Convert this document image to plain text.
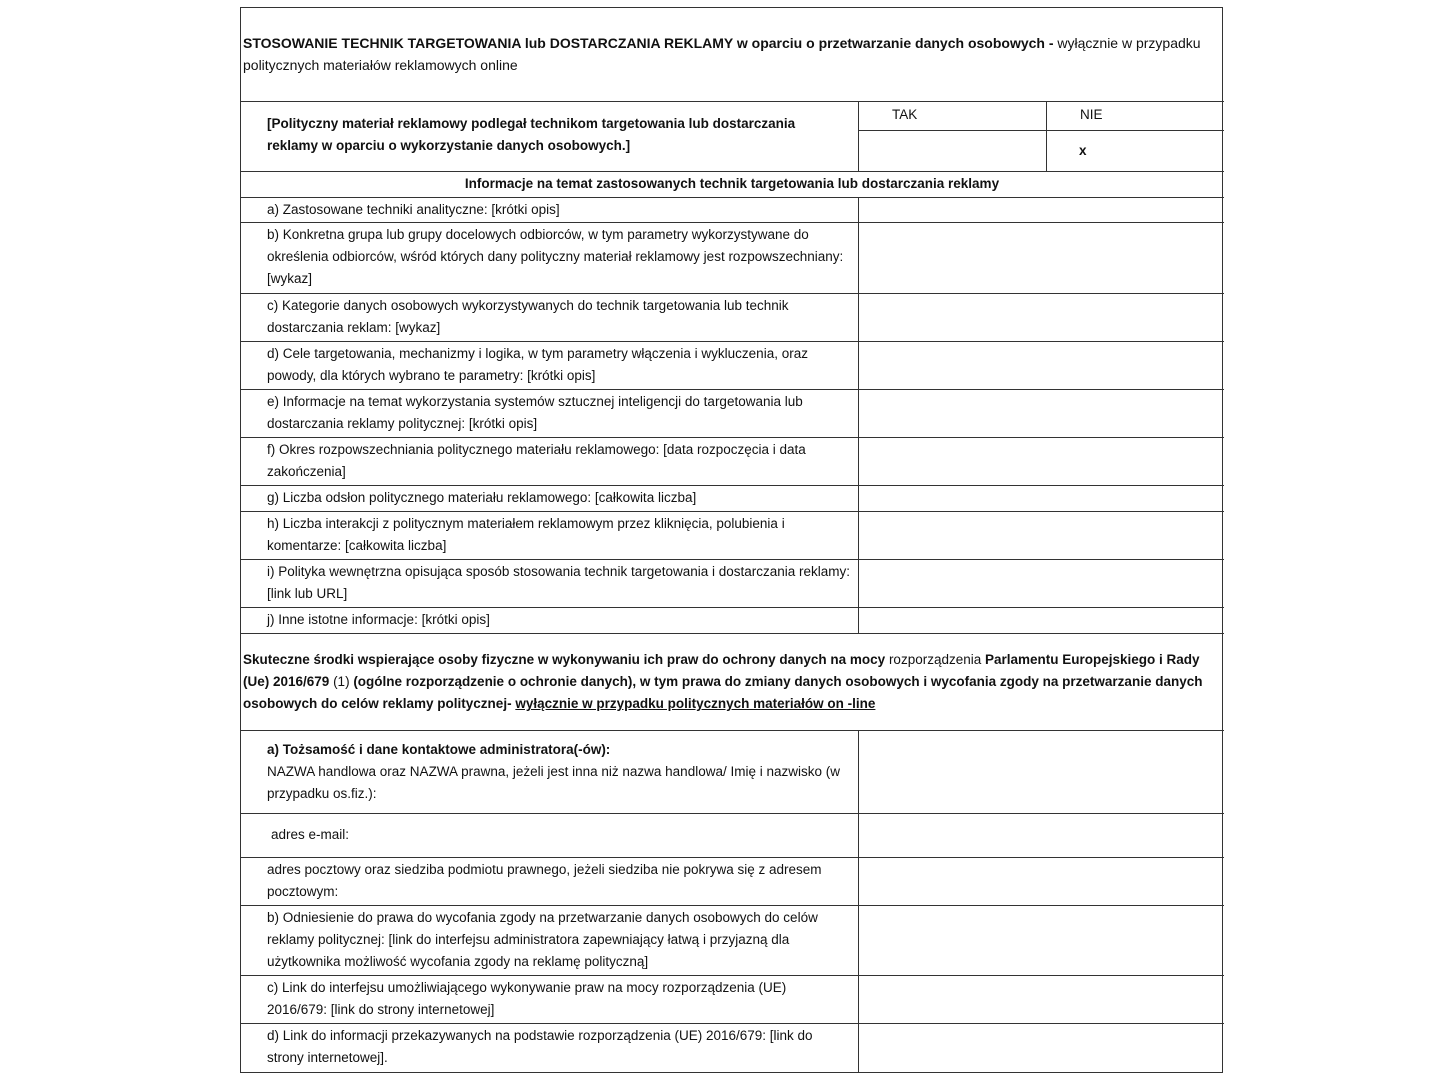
STOSOWANIE TECHNIK TARGETOWANIA lub DOSTARCZANIA REKLAMY w oparciu o przetwarzanie danych osobowych - wyłącznie w przypadku politycznych materiałów reklamowych online
[Polityczny materiał reklamowy podlegał technikom targetowania lub dostarczania reklamy w oparciu o wykorzystanie danych osobowych.]
TAK	NIE
x
Informacje na temat zastosowanych technik targetowania lub dostarczania reklamy
a) Zastosowane techniki analityczne: [krótki opis]
b) Konkretna grupa lub grupy docelowych odbiorców, w tym parametry wykorzystywane do określenia odbiorców, wśród których dany polityczny materiał reklamowy jest rozpowszechniany: [wykaz]
c) Kategorie danych osobowych wykorzystywanych do technik targetowania lub technik dostarczania reklam: [wykaz]
d) Cele targetowania, mechanizmy i logika, w tym parametry włączenia i wykluczenia, oraz powody, dla których wybrano te parametry: [krótki opis]
e) Informacje na temat wykorzystania systemów sztucznej inteligencji do targetowania lub dostarczania reklamy politycznej: [krótki opis]
f) Okres rozpowszechniania politycznego materiału reklamowego: [data rozpoczęcia i data zakończenia]
g) Liczba odsłon politycznego materiału reklamowego: [całkowita liczba]
h) Liczba interakcji z politycznym materiałem reklamowym przez kliknięcia, polubienia i komentarze: [całkowita liczba]
i) Polityka wewnętrzna opisująca sposób stosowania technik targetowania i dostarczania reklamy: [link lub URL]
j) Inne istotne informacje: [krótki opis]
Skuteczne środki wspierające osoby fizyczne w wykonywaniu ich praw do ochrony danych na mocy rozporządzenia Parlamentu Europejskiego i Rady (Ue) 2016/679 (1) (ogólne rozporządzenie o ochronie danych), w tym prawa do zmiany danych osobowych i wycofania zgody na przetwarzanie danych osobowych do celów reklamy politycznej- wyłącznie w przypadku politycznych materiałów on -line
a) Tożsamość i dane kontaktowe administratora(-ów):
NAZWA handlowa oraz NAZWA prawna, jeżeli jest inna niż nazwa handlowa/ Imię i nazwisko (w przypadku os.fiz.):
adres e-mail:
adres pocztowy oraz siedziba podmiotu prawnego, jeżeli siedziba nie pokrywa się z adresem pocztowym:
b) Odniesienie do prawa do wycofania zgody na przetwarzanie danych osobowych do celów reklamy politycznej: [link do interfejsu administratora zapewniający łatwą i przyjazną dla użytkownika możliwość wycofania zgody na reklamę polityczną]
c) Link do interfejsu umożliwiającego wykonywanie praw na mocy rozporządzenia (UE) 2016/679: [link do strony internetowej]
d) Link do informacji przekazywanych na podstawie rozporządzenia (UE) 2016/679: [link do strony internetowej].
